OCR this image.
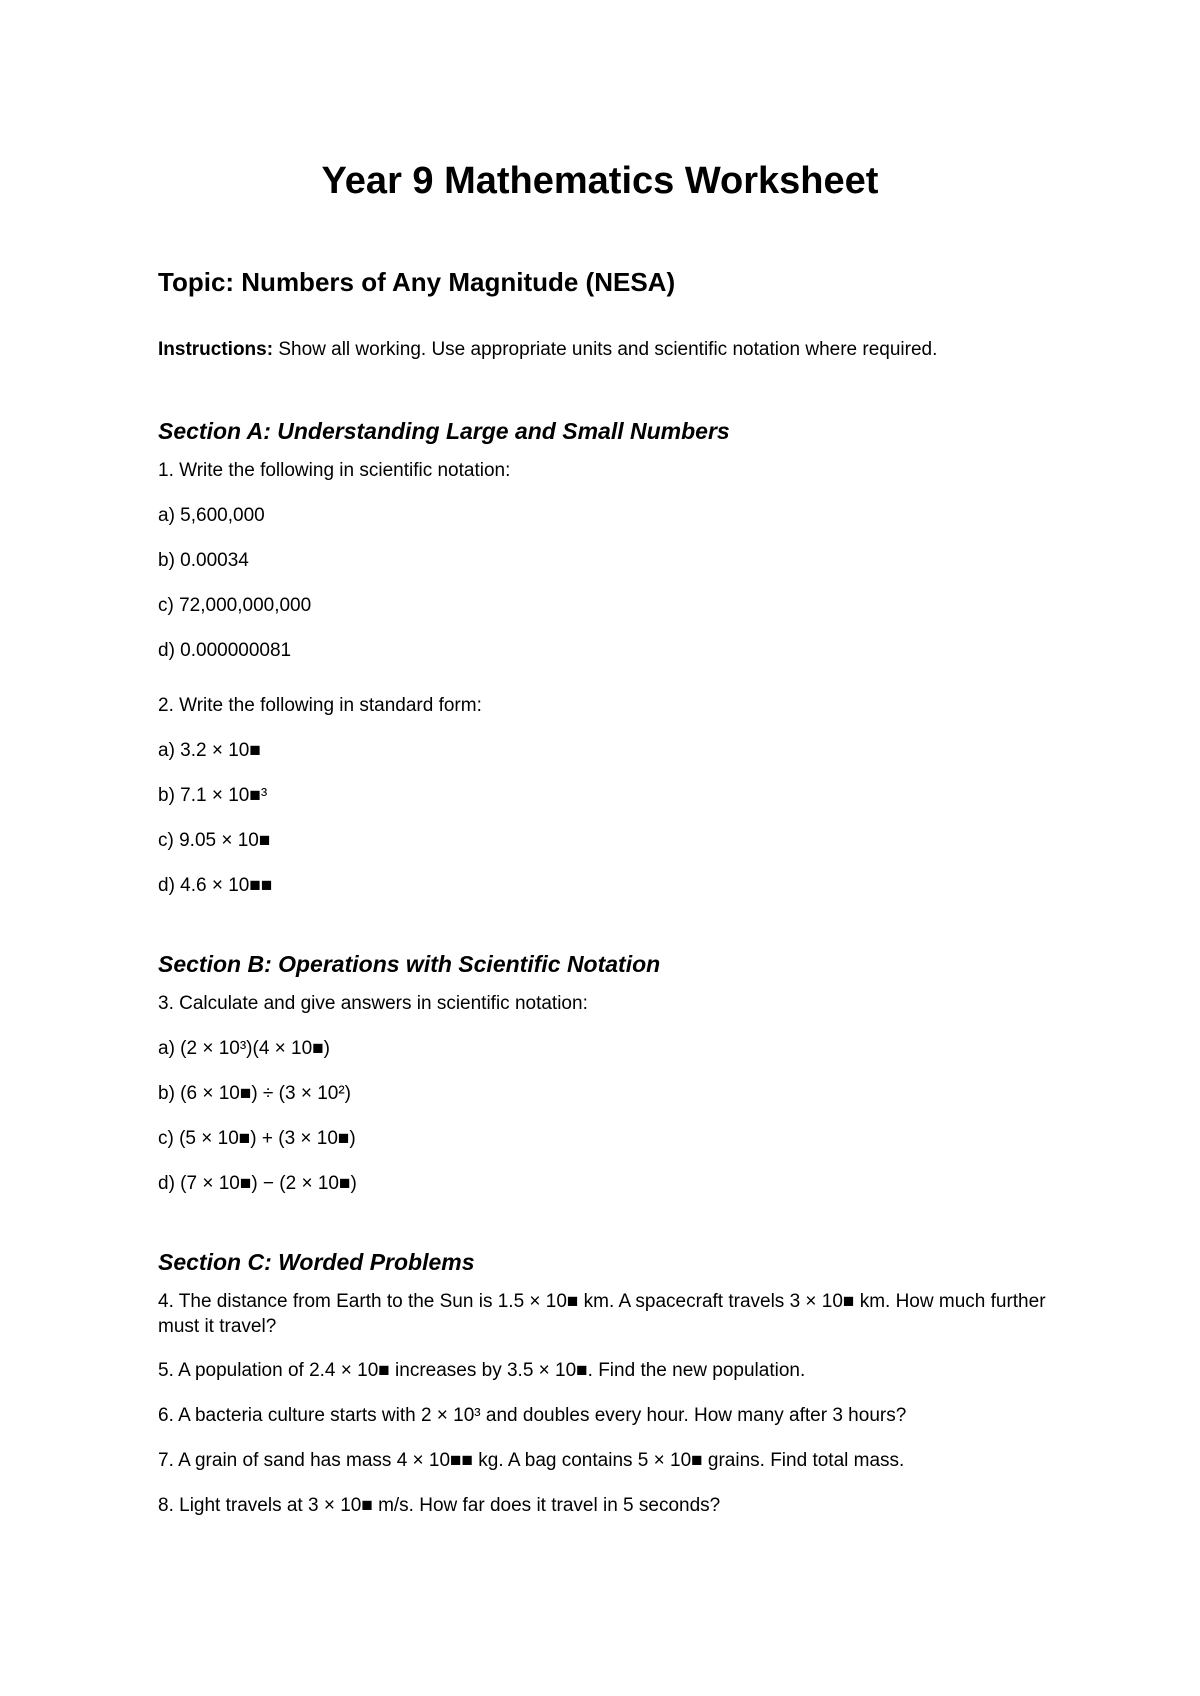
Year 9 Mathematics Worksheet
Topic: Numbers of Any Magnitude (NESA)

Instructions: Show all working. Use appropriate units and scientific notation where required.

Section A: Understanding Large and Small Numbers

1. Write the following in scientific notation:

a) 5,600,000

b) 0.00034

c) 72,000,000,000

d) 0.000000081

2. Write the following in standard form:

a) 3.2 × 10■

b) 7.1 × 10■³

c) 9.05 × 10■

d) 4.6 × 10■■

Section B: Operations with Scientific Notation

3. Calculate and give answers in scientific notation:

a) (2 × 10³)(4 × 10■)

b) (6 × 10■) ÷ (3 × 10²)

c) (5 × 10■) + (3 × 10■)

d) (7 × 10■) − (2 × 10■)

Section C: Worded Problems

4. The distance from Earth to the Sun is 1.5 × 10■ km. A spacecraft travels 3 × 10■ km. How much further must it travel?

5. A population of 2.4 × 10■ increases by 3.5 × 10■. Find the new population.

6. A bacteria culture starts with 2 × 10³ and doubles every hour. How many after 3 hours?

7. A grain of sand has mass 4 × 10■■ kg. A bag contains 5 × 10■ grains. Find total mass.

8. Light travels at 3 × 10■ m/s. How far does it travel in 5 seconds?
